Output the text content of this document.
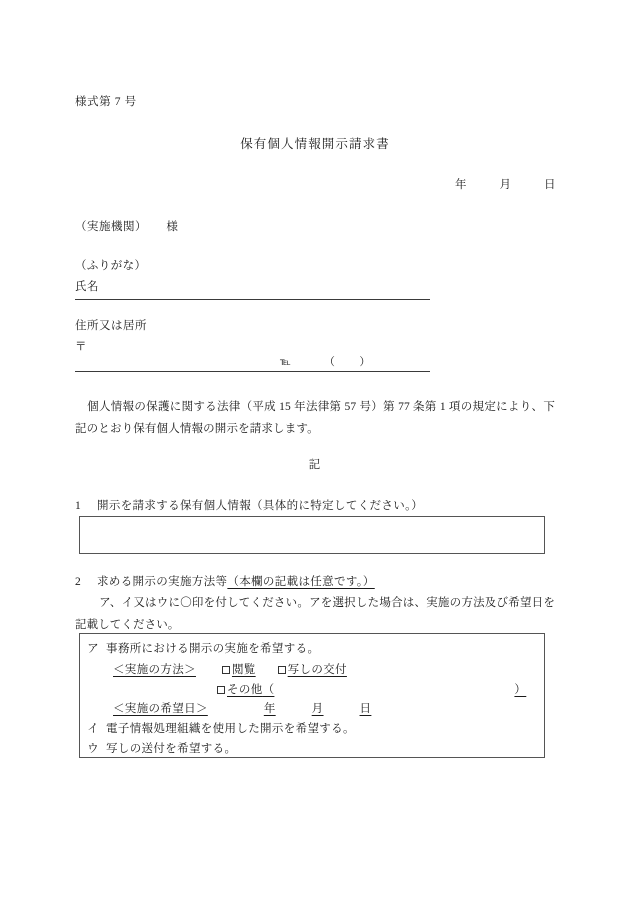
様式第 7 号
保有個人情報開示請求書
年	月	日
（実施機関） 様
（ふりがな）
氏名
住所又は居所
〒
℡	（ ）
個人情報の保護に関する法律（平成 15 年法律第 57 号）第 77 条第 1 項の規定により、下記のとおり保有個人情報の開示を請求します。
記
1 開示を請求する保有個人情報（具体的に特定してください。）
2 求める開示の実施方法等（本欄の記載は任意です。）
ア、イ又はウに〇印を付してください。アを選択した場合は、実施の方法及び希望日を記載してください。
ア 事務所における開示の実施を希望する。
＜実施の方法＞	閲覧	写しの交付
その他（	）
＜実施の希望日＞	年	月	日
イ 電子情報処理組織を使用した開示を希望する。
ウ 写しの送付を希望する。
